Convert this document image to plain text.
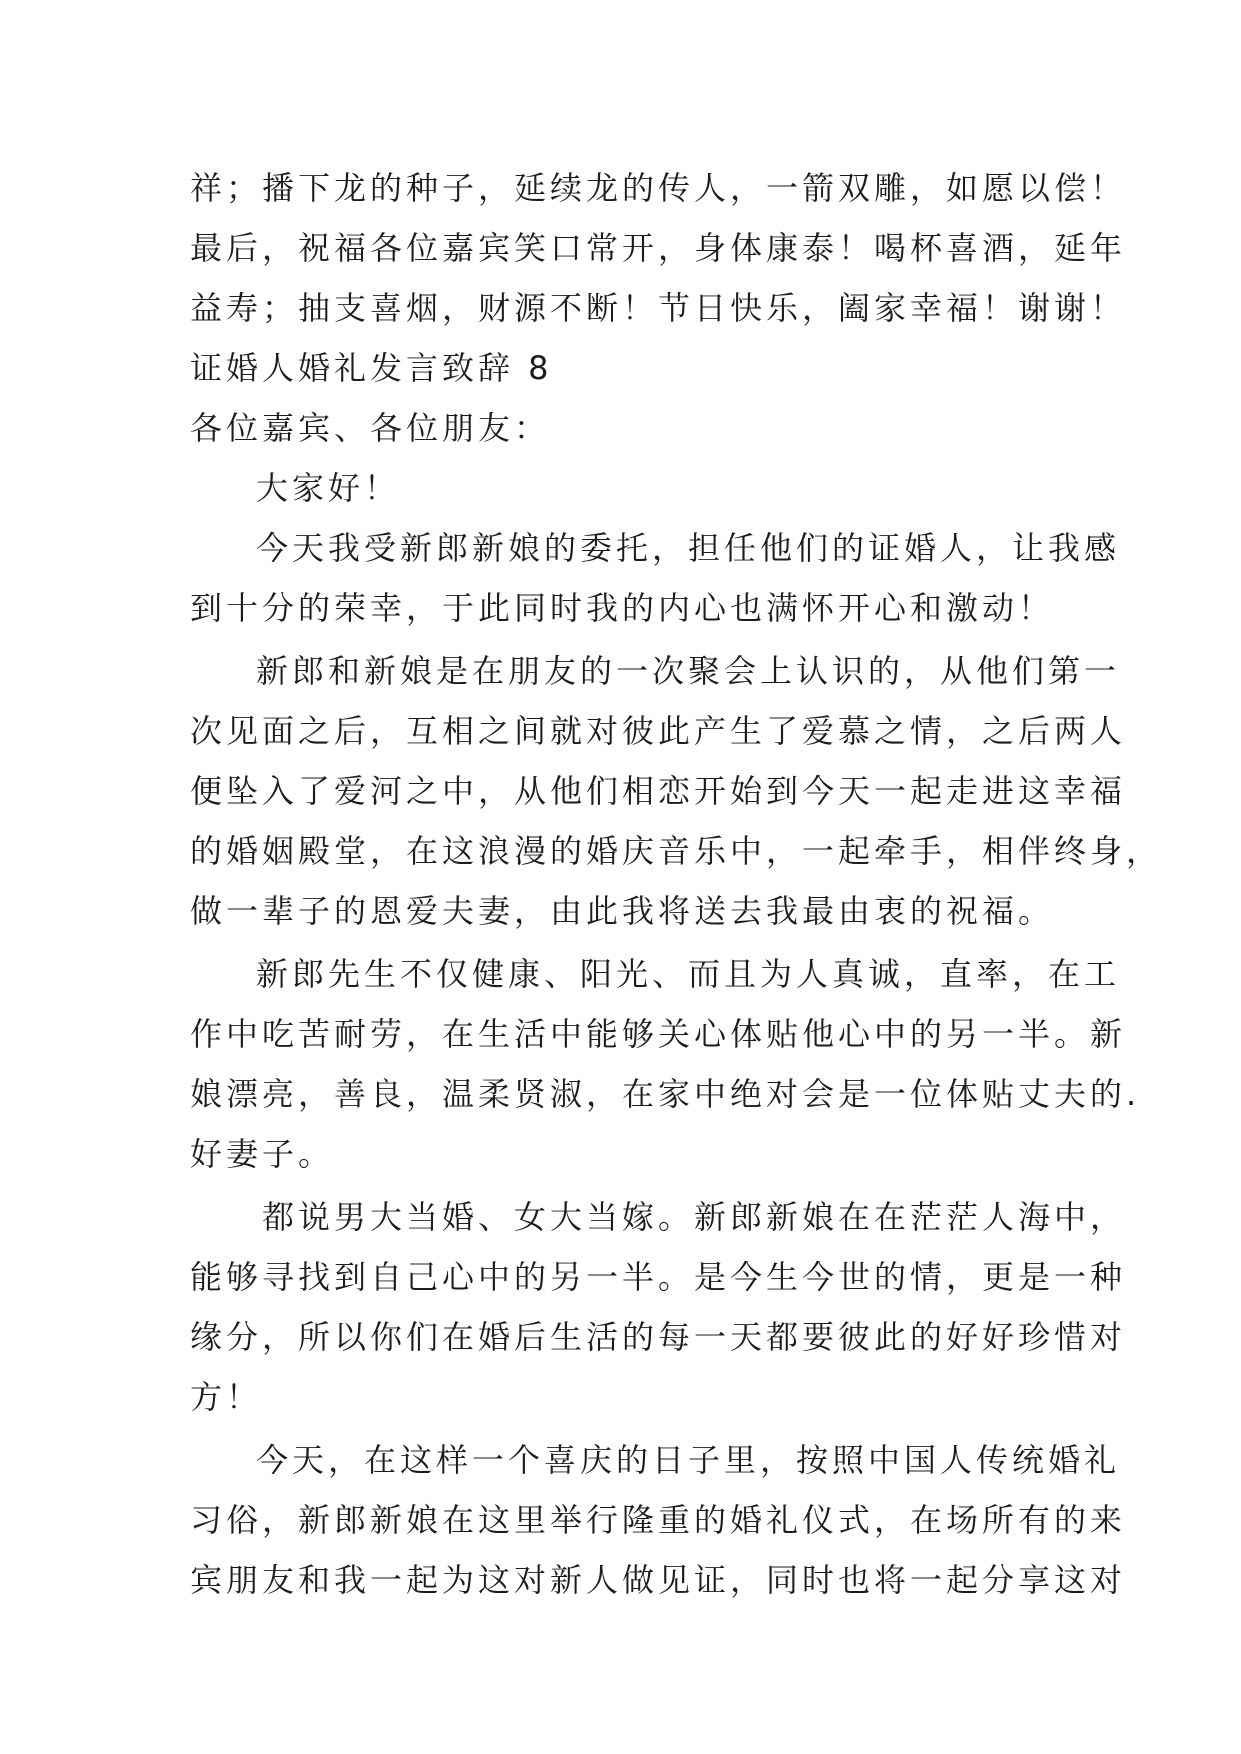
祥；播下龙的种子，延续龙的传人，一箭双雕，如愿以偿！
最后，祝福各位嘉宾笑口常开，身体康泰！喝杯喜酒，延年
益寿；抽支喜烟，财源不断！节日快乐，阖家幸福！谢谢！
证婚人婚礼发言致辞 8
各位嘉宾、各位朋友：
大家好！
今天我受新郎新娘的委托，担任他们的证婚人，让我感
到十分的荣幸，于此同时我的内心也满怀开心和激动！
新郎和新娘是在朋友的一次聚会上认识的，从他们第一
次见面之后，互相之间就对彼此产生了爱慕之情，之后两人
便坠入了爱河之中，从他们相恋开始到今天一起走进这幸福
的婚姻殿堂，在这浪漫的婚庆音乐中，一起牵手，相伴终身，
做一辈子的恩爱夫妻，由此我将送去我最由衷的祝福。
新郎先生不仅健康、阳光、而且为人真诚，直率，在工
作中吃苦耐劳，在生活中能够关心体贴他心中的另一半。新
娘漂亮，善良，温柔贤淑，在家中绝对会是一位体贴丈夫的.
好妻子。
都说男大当婚、女大当嫁。新郎新娘在在茫茫人海中，
能够寻找到自己心中的另一半。是今生今世的情，更是一种
缘分，所以你们在婚后生活的每一天都要彼此的好好珍惜对
方！
今天，在这样一个喜庆的日子里，按照中国人传统婚礼
习俗，新郎新娘在这里举行隆重的婚礼仪式，在场所有的来
宾朋友和我一起为这对新人做见证，同时也将一起分享这对
